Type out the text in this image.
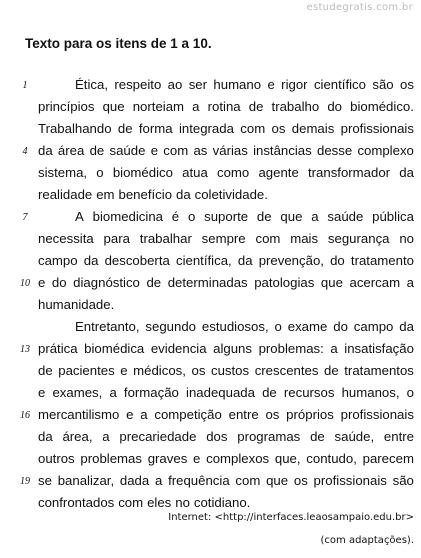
estudegratis.com.br
Texto para os itens de 1 a 10.
Ética, respeito ao ser humano e rigor científico são os
1
princípios que norteiam a rotina de trabalho do biomédico.
Trabalhando de forma integrada com os demais profissionais
da área de saúde e com as várias instâncias desse complexo
4
sistema, o biomédico atua como agente transformador da
realidade em benefício da coletividade.
A biomedicina é o suporte de que a saúde pública
7
necessita para trabalhar sempre com mais segurança no
campo da descoberta científica, da prevenção, do tratamento
e do diagnóstico de determinadas patologias que acercam a
10
humanidade.
Entretanto, segundo estudiosos, o exame do campo da
prática biomédica evidencia alguns problemas: a insatisfação
13
de pacientes e médicos, os custos crescentes de tratamentos
e exames, a formação inadequada de recursos humanos, o
mercantilismo e a competição entre os próprios profissionais
16
da área, a precariedade dos programas de saúde, entre
outros problemas graves e complexos que, contudo, parecem
se banalizar, dada a frequência com que os profissionais são
19
confrontados com eles no cotidiano.
Internet: <http://interfaces.leaosampaio.edu.br>
(com adaptações).
